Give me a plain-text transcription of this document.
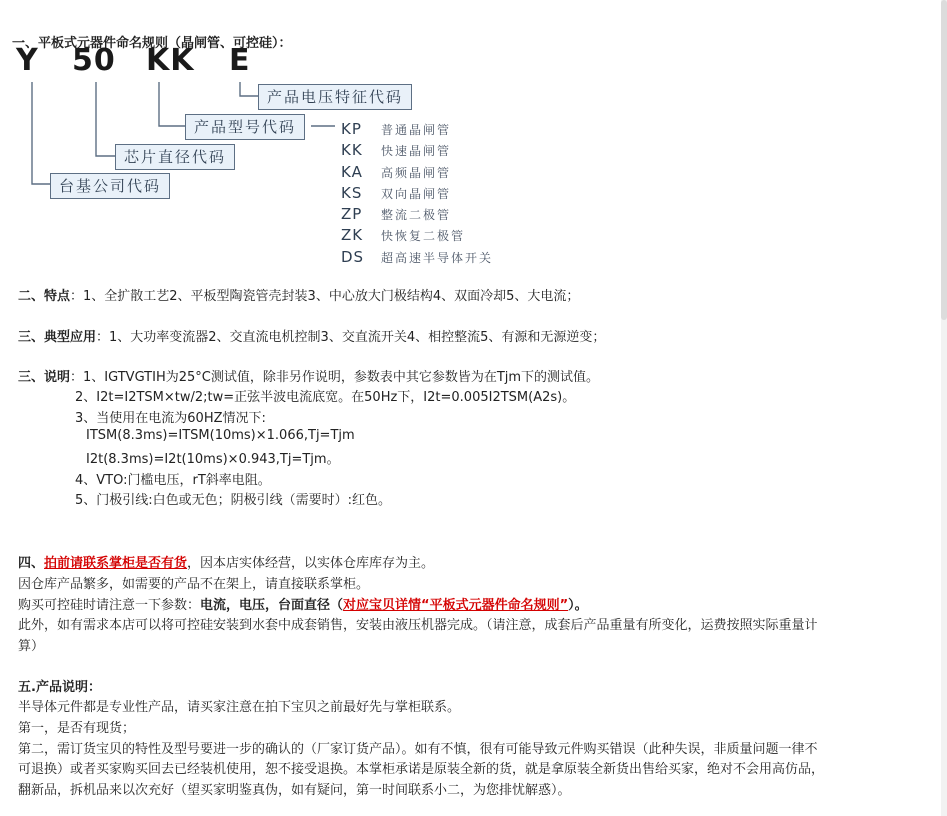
一、平板式元器件命名规则（晶闸管、可控硅）：
Y 50 KK E
产品电压特征代码
产品型号代码
芯片直径代码
台基公司代码
KP 普通晶闸管
KK 快速晶闸管
KA 高频晶闸管
KS 双向晶闸管
ZP 整流二极管
ZK 快恢复二极管
DS 超高速半导体开关
二、特点：1、全扩散工艺2、平板型陶瓷管壳封装3、中心放大门极结构4、双面冷却5、大电流；
三、典型应用：1、大功率变流器2、交直流电机控制3、交直流开关4、相控整流5、有源和无源逆变；
三、说明：1、IGTVGTIH为25°C测试值，除非另作说明，参数表中其它参数皆为在Tjm下的测试值。
2、I2t=I2TSM×tw/2;tw=正弦半波电流底宽。在50Hz下，I2t=0.005I2TSM(A2s)。
3、当使用在电流为60HZ情况下:
ITSM(8.3ms)=ITSM(10ms)×1.066,Tj=Tjm
I2t(8.3ms)=I2t(10ms)×0.943,Tj=Tjm。
4、VTO:门槛电压，rT斜率电阻。
5、门极引线:白色或无色；阴极引线（需要时）:红色。
四、拍前请联系掌柜是否有货，因本店实体经营，以实体仓库库存为主。
因仓库产品繁多，如需要的产品不在架上，请直接联系掌柜。
购买可控硅时请注意一下参数：电流，电压，台面直径（对应宝贝详情“平板式元器件命名规则”）。
此外，如有需求本店可以将可控硅安装到水套中成套销售，安装由液压机器完成。（请注意，成套后产品重量有所变化，运费按照实际重量计
算）
五.产品说明：
半导体元件都是专业性产品，请买家注意在拍下宝贝之前最好先与掌柜联系。
第一，是否有现货；
第二，需订货宝贝的特性及型号要进一步的确认的（厂家订货产品）。如有不慎，很有可能导致元件购买错误（此种失误，非质量问题一律不
可退换）或者买家购买回去已经装机使用，恕不接受退换。本掌柜承诺是原装全新的货，就是拿原装全新货出售给买家，绝对不会用高仿品，
翻新品，拆机品来以次充好（望买家明鉴真伪，如有疑问，第一时间联系小二，为您排忧解惑）。
